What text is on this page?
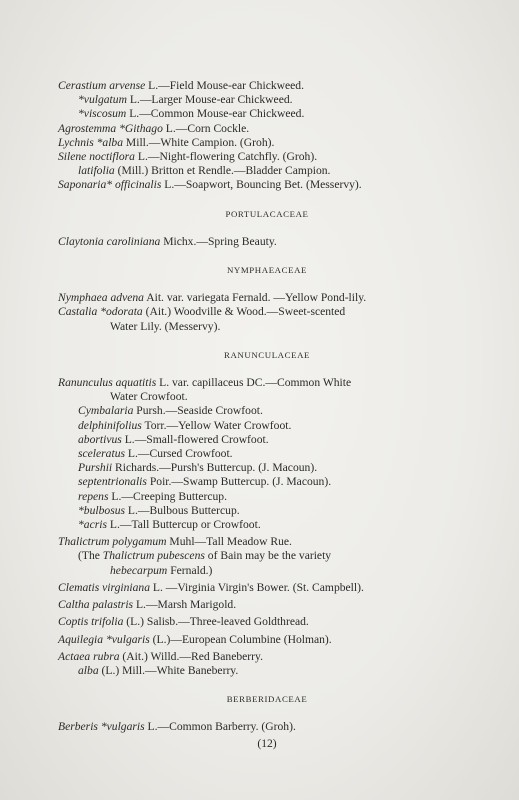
Cerastium arvense L.—Field Mouse-ear Chickweed.
*vulgatum L.—Larger Mouse-ear Chickweed.
*viscosum L.—Common Mouse-ear Chickweed.
Agrostemma *Githago L.—Corn Cockle.
Lychnis *alba Mill.—White Campion. (Groh).
Silene noctiflora L.—Night-flowering Catchfly. (Groh).
latifolia (Mill.) Britton et Rendle.—Bladder Campion.
Saponaria* officinalis L.—Soapwort, Bouncing Bet. (Messervy).
PORTULACACEAE
Claytonia caroliniana Michx.—Spring Beauty.
NYMPHAEACEAE
Nymphaea advena Ait. var. variegata Fernald. —Yellow Pond-lily.
Castalia *odorata (Ait.) Woodville & Wood.—Sweet-scented
Water Lily. (Messervy).
RANUNCULACEAE
Ranunculus aquatitis L. var. capillaceus DC.—Common White
Water Crowfoot.
Cymbalaria Pursh.—Seaside Crowfoot.
delphinifolius Torr.—Yellow Water Crowfoot.
abortivus L.—Small-flowered Crowfoot.
sceleratus L.—Cursed Crowfoot.
Purshii Richards.—Pursh's Buttercup. (J. Macoun).
septentrionalis Poir.—Swamp Buttercup. (J. Macoun).
repens L.—Creeping Buttercup.
*bulbosus L.—Bulbous Buttercup.
*acris L.—Tall Buttercup or Crowfoot.
Thalictrum polygamum Muhl—Tall Meadow Rue.
(The Thalictrum pubescens of Bain may be the variety
hebecarpum Fernald.)
Clematis virginiana L. —Virginia Virgin's Bower. (St. Campbell).
Caltha palastris L.—Marsh Marigold.
Coptis trifolia (L.) Salisb.—Three-leaved Goldthread.
Aquilegia *vulgaris (L.)—European Columbine (Holman).
Actaea rubra (Ait.) Willd.—Red Baneberry.
alba (L.) Mill.—White Baneberry.
BERBERIDACEAE
Berberis *vulgaris L.—Common Barberry. (Groh).
(12)
